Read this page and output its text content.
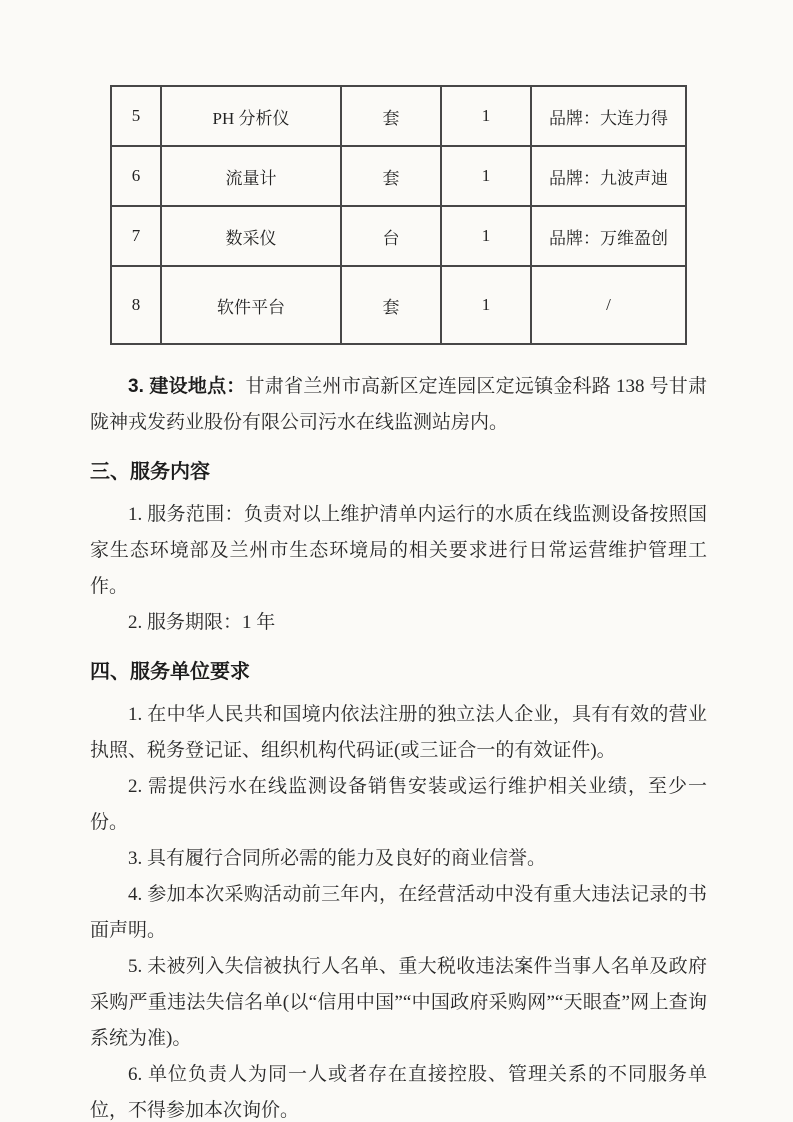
5	PH 分析仪	套	1	品牌：大连力得
6	流量计	套	1	品牌：九波声迪
7	数采仪	台	1	品牌：万维盈创
8	软件平台	套	1	/

3. 建设地点：甘肃省兰州市高新区定连园区定远镇金科路 138 号甘肃陇神戎发药业股份有限公司污水在线监测站房内。

三、服务内容

1. 服务范围：负责对以上维护清单内运行的水质在线监测设备按照国家生态环境部及兰州市生态环境局的相关要求进行日常运营维护管理工作。

2. 服务期限：1 年

四、服务单位要求

1. 在中华人民共和国境内依法注册的独立法人企业，具有有效的营业执照、税务登记证、组织机构代码证(或三证合一的有效证件)。

2. 需提供污水在线监测设备销售安装或运行维护相关业绩，至少一份。

3. 具有履行合同所必需的能力及良好的商业信誉。

4. 参加本次采购活动前三年内，在经营活动中没有重大违法记录的书面声明。

5. 未被列入失信被执行人名单、重大税收违法案件当事人名单及政府采购严重违法失信名单(以“信用中国”“中国政府采购网”“天眼查”网上查询系统为准)。

6. 单位负责人为同一人或者存在直接控股、管理关系的不同服务单位，不得参加本次询价。
